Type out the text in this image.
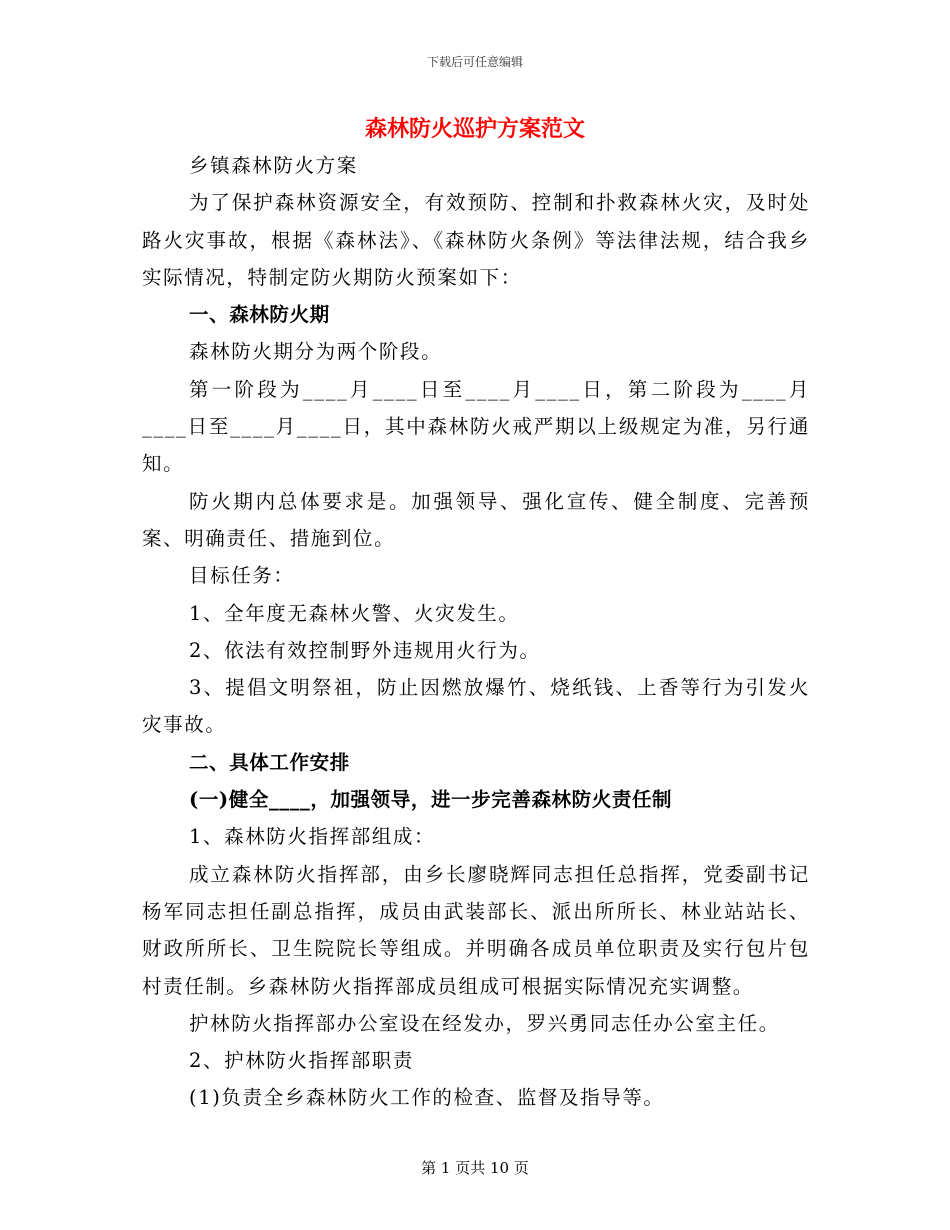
下载后可任意编辑
森林防火巡护方案范文

乡镇森林防火方案

为了保护森林资源安全，有效预防、控制和扑救森林火灾，及时处路火灾事故，根据《森林法》、《森林防火条例》等法律法规，结合我乡实际情况，特制定防火期防火预案如下：

一、森林防火期

森林防火期分为两个阶段。

第一阶段为____月____日至____月____日，第二阶段为____月____日至____月____日，其中森林防火戒严期以上级规定为准，另行通知。

防火期内总体要求是。加强领导、强化宣传、健全制度、完善预案、明确责任、措施到位。

目标任务：

1、全年度无森林火警、火灾发生。

2、依法有效控制野外违规用火行为。

3、提倡文明祭祖，防止因燃放爆竹、烧纸钱、上香等行为引发火灾事故。

二、具体工作安排

(一)健全____，加强领导，进一步完善森林防火责任制

1、森林防火指挥部组成：

成立森林防火指挥部，由乡长廖晓辉同志担任总指挥，党委副书记杨军同志担任副总指挥，成员由武装部长、派出所所长、林业站站长、财政所所长、卫生院院长等组成。并明确各成员单位职责及实行包片包村责任制。乡森林防火指挥部成员组成可根据实际情况充实调整。

护林防火指挥部办公室设在经发办，罗兴勇同志任办公室主任。

2、护林防火指挥部职责

(1)负责全乡森林防火工作的检查、监督及指导等。

第 1 页共 10 页
